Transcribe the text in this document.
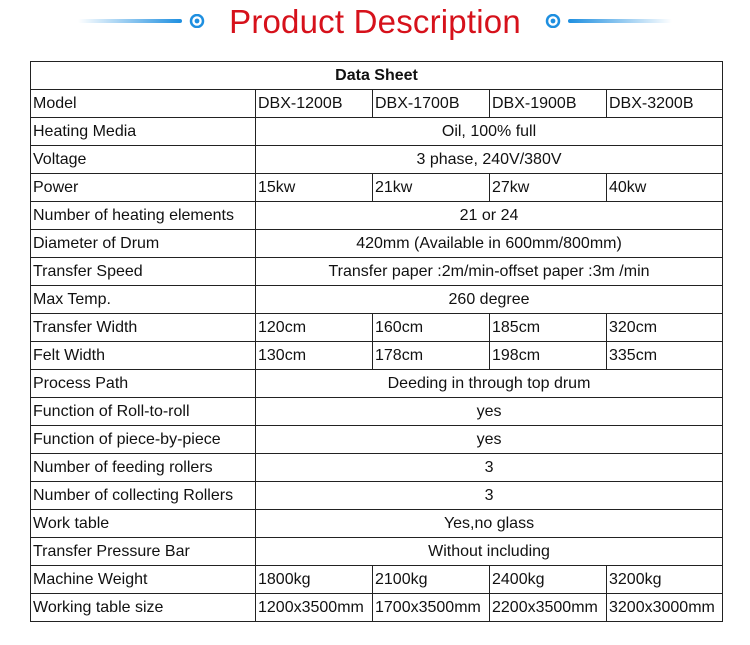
Product Description
Data Sheet				
Model	DBX-1200B	DBX-1700B	DBX-1900B	DBX-3200B
Heating Media	Oil, 100% full			
Voltage	3 phase, 240V/380V			
Power	15kw	21kw	27kw	40kw
Number of heating elements	21 or 24			
Diameter of Drum	420mm (Available in 600mm/800mm)			
Transfer Speed	Transfer paper :2m/min-offset paper :3m /min			
Max Temp.	260 degree			
Transfer Width	120cm	160cm	185cm	320cm
Felt Width	130cm	178cm	198cm	335cm
Process Path	Deeding in through top drum			
Function of Roll-to-roll	yes			
Function of piece-by-piece	yes			
Number of feeding rollers	3			
Number of collecting Rollers	3			
Work table	Yes,no glass			
Transfer Pressure Bar	Without including			
Machine Weight	1800kg	2100kg	2400kg	3200kg
Working table size	1200x3500mm	1700x3500mm	2200x3500mm	3200x3000mm
